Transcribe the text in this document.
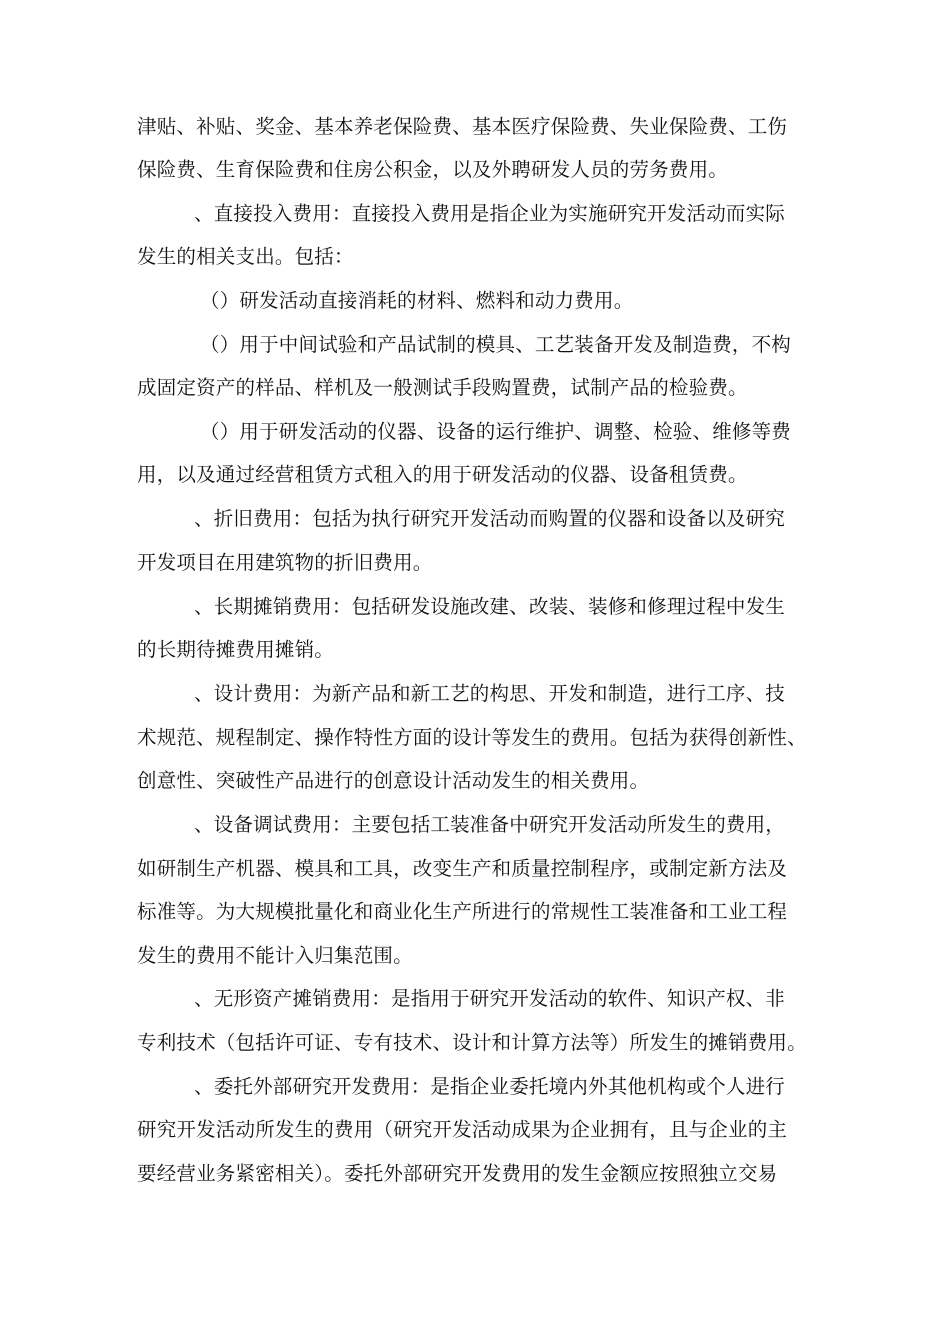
津贴、补贴、奖金、基本养老保险费、基本医疗保险费、失业保险费、工伤
保险费、生育保险费和住房公积金，以及外聘研发人员的劳务费用。
、直接投入费用：直接投入费用是指企业为实施研究开发活动而实际
发生的相关支出。包括：
（）研发活动直接消耗的材料、燃料和动力费用。
（）用于中间试验和产品试制的模具、工艺装备开发及制造费，不构
成固定资产的样品、样机及一般测试手段购置费，试制产品的检验费。
（）用于研发活动的仪器、设备的运行维护、调整、检验、维修等费
用，以及通过经营租赁方式租入的用于研发活动的仪器、设备租赁费。
、折旧费用：包括为执行研究开发活动而购置的仪器和设备以及研究
开发项目在用建筑物的折旧费用。
、长期摊销费用：包括研发设施改建、改装、装修和修理过程中发生
的长期待摊费用摊销。
、设计费用：为新产品和新工艺的构思、开发和制造，进行工序、技
术规范、规程制定、操作特性方面的设计等发生的费用。包括为获得创新性、
创意性、突破性产品进行的创意设计活动发生的相关费用。
、设备调试费用：主要包括工装准备中研究开发活动所发生的费用，
如研制生产机器、模具和工具，改变生产和质量控制程序，或制定新方法及
标准等。为大规模批量化和商业化生产所进行的常规性工装准备和工业工程
发生的费用不能计入归集范围。
、无形资产摊销费用：是指用于研究开发活动的软件、知识产权、非
专利技术（包括许可证、专有技术、设计和计算方法等）所发生的摊销费用。
、委托外部研究开发费用：是指企业委托境内外其他机构或个人进行
研究开发活动所发生的费用（研究开发活动成果为企业拥有，且与企业的主
要经营业务紧密相关）。委托外部研究开发费用的发生金额应按照独立交易
